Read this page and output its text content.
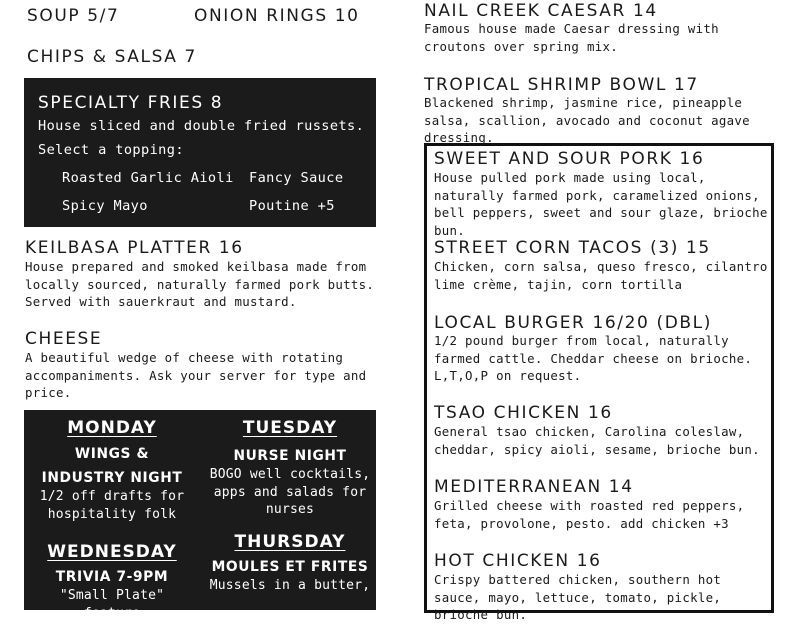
SOUP 5/7	ONION RINGS 10
CHIPS & SALSA 7
SPECIALTY FRIES 8
House sliced and double fried russets.
Select a topping:
Roasted Garlic Aioli Fancy Sauce
Spicy Mayo	Poutine +5
KEILBASA PLATTER 16
House prepared and smoked keilbasa made from locally sourced, naturally farmed pork butts. Served with sauerkraut and mustard.
CHEESE
A beautiful wedge of cheese with rotating accompaniments. Ask your server for type and price.
MONDAY
WINGS &
INDUSTRY NIGHT
1/2 off drafts for hospitality folk
TUESDAY
NURSE NIGHT
BOGO well cocktails, apps and salads for nurses
WEDNESDAY
TRIVIA 7-9PM
"Small Plate" feature
THURSDAY
MOULES ET FRITES
Mussels in a butter,
NAIL CREEK CAESAR 14
Famous house made Caesar dressing with croutons over spring mix.
TROPICAL SHRIMP BOWL 17
Blackened shrimp, jasmine rice, pineapple salsa, scallion, avocado and coconut agave dressing.
SWEET AND SOUR PORK 16
House pulled pork made using local, naturally farmed pork, caramelized onions, bell peppers, sweet and sour glaze, brioche bun.
STREET CORN TACOS (3) 15
Chicken, corn salsa, queso fresco, cilantro lime crème, tajin, corn tortilla
LOCAL BURGER 16/20 (DBL)
1/2 pound burger from local, naturally farmed cattle. Cheddar cheese on brioche. L,T,O,P on request.
TSAO CHICKEN 16
General tsao chicken, Carolina coleslaw, cheddar, spicy aioli, sesame, brioche bun.
MEDITERRANEAN 14
Grilled cheese with roasted red peppers, feta, provolone, pesto. add chicken +3
HOT CHICKEN 16
Crispy battered chicken, southern hot sauce, mayo, lettuce, tomato, pickle, brioche bun.
